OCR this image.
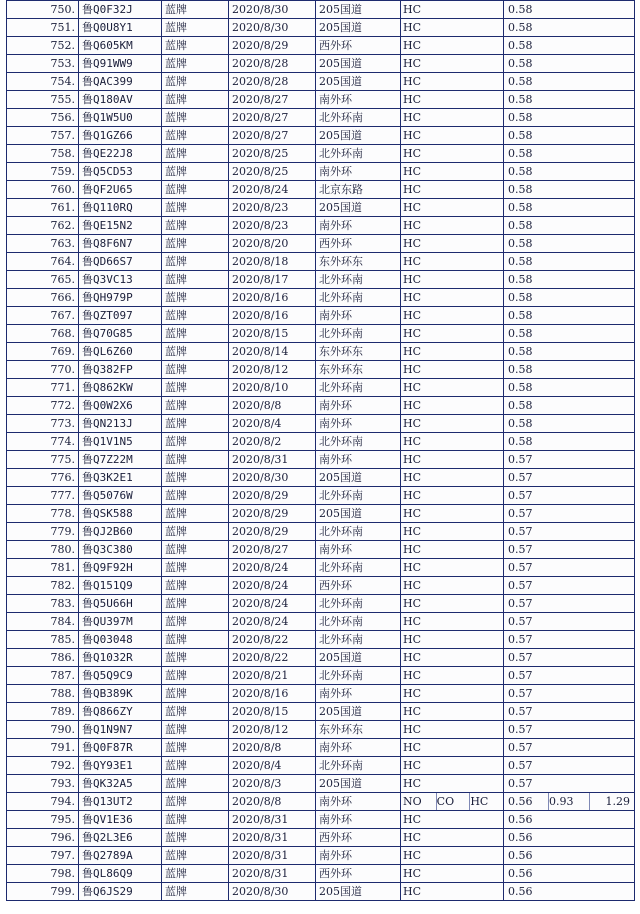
750.	鲁Q0F32J	蓝牌	2020/8/30	205国道	HC	0.58
751.	鲁Q0U8Y1	蓝牌	2020/8/30	205国道	HC	0.58
752.	鲁Q605KM	蓝牌	2020/8/29	西外环	HC	0.58
753.	鲁Q91WW9	蓝牌	2020/8/28	205国道	HC	0.58
754.	鲁QAC399	蓝牌	2020/8/28	205国道	HC	0.58
755.	鲁Q180AV	蓝牌	2020/8/27	南外环	HC	0.58
756.	鲁Q1W5U0	蓝牌	2020/8/27	北外环南	HC	0.58
757.	鲁Q1GZ66	蓝牌	2020/8/27	205国道	HC	0.58
758.	鲁QE22J8	蓝牌	2020/8/25	北外环南	HC	0.58
759.	鲁Q5CD53	蓝牌	2020/8/25	南外环	HC	0.58
760.	鲁QF2U65	蓝牌	2020/8/24	北京东路	HC	0.58
761.	鲁Q110RQ	蓝牌	2020/8/23	205国道	HC	0.58
762.	鲁QE15N2	蓝牌	2020/8/23	南外环	HC	0.58
763.	鲁Q8F6N7	蓝牌	2020/8/20	西外环	HC	0.58
764.	鲁QD66S7	蓝牌	2020/8/18	东外环东	HC	0.58
765.	鲁Q3VC13	蓝牌	2020/8/17	北外环南	HC	0.58
766.	鲁QH979P	蓝牌	2020/8/16	北外环南	HC	0.58
767.	鲁QZT097	蓝牌	2020/8/16	南外环	HC	0.58
768.	鲁Q70G85	蓝牌	2020/8/15	北外环南	HC	0.58
769.	鲁QL6Z60	蓝牌	2020/8/14	东外环东	HC	0.58
770.	鲁Q382FP	蓝牌	2020/8/12	东外环东	HC	0.58
771.	鲁Q862KW	蓝牌	2020/8/10	北外环南	HC	0.58
772.	鲁Q0W2X6	蓝牌	2020/8/8	南外环	HC	0.58
773.	鲁QN213J	蓝牌	2020/8/4	南外环	HC	0.58
774.	鲁Q1V1N5	蓝牌	2020/8/2	北外环南	HC	0.58
775.	鲁Q7Z22M	蓝牌	2020/8/31	南外环	HC	0.57
776.	鲁Q3K2E1	蓝牌	2020/8/30	205国道	HC	0.57
777.	鲁Q5076W	蓝牌	2020/8/29	北外环南	HC	0.57
778.	鲁QSK588	蓝牌	2020/8/29	205国道	HC	0.57
779.	鲁QJ2B60	蓝牌	2020/8/29	北外环南	HC	0.57
780.	鲁Q3C380	蓝牌	2020/8/27	南外环	HC	0.57
781.	鲁Q9F92H	蓝牌	2020/8/24	北外环南	HC	0.57
782.	鲁Q151Q9	蓝牌	2020/8/24	西外环	HC	0.57
783.	鲁Q5U66H	蓝牌	2020/8/24	北外环南	HC	0.57
784.	鲁QU397M	蓝牌	2020/8/24	北外环南	HC	0.57
785.	鲁Q03048	蓝牌	2020/8/22	北外环南	HC	0.57
786.	鲁Q1032R	蓝牌	2020/8/22	205国道	HC	0.57
787.	鲁Q5Q9C9	蓝牌	2020/8/21	北外环南	HC	0.57
788.	鲁QB389K	蓝牌	2020/8/16	南外环	HC	0.57
789.	鲁Q866ZY	蓝牌	2020/8/15	205国道	HC	0.57
790.	鲁Q1N9N7	蓝牌	2020/8/12	东外环东	HC	0.57
791.	鲁Q0F87R	蓝牌	2020/8/8	南外环	HC	0.57
792.	鲁QY93E1	蓝牌	2020/8/4	北外环南	HC	0.57
793.	鲁QK32A5	蓝牌	2020/8/3	205国道	HC	0.57
794.	鲁Q13UT2	蓝牌	2020/8/8	南外环	NO CO HC	0.56 0.93 1.29

795.	鲁QV1E36	蓝牌	2020/8/31	南外环	HC	0.56
796.	鲁Q2L3E6	蓝牌	2020/8/31	西外环	HC	0.56
797.	鲁Q2789A	蓝牌	2020/8/31	南外环	HC	0.56
798.	鲁QL86Q9	蓝牌	2020/8/31	西外环	HC	0.56
799.	鲁Q6JS29	蓝牌	2020/8/30	205国道	HC	0.56
